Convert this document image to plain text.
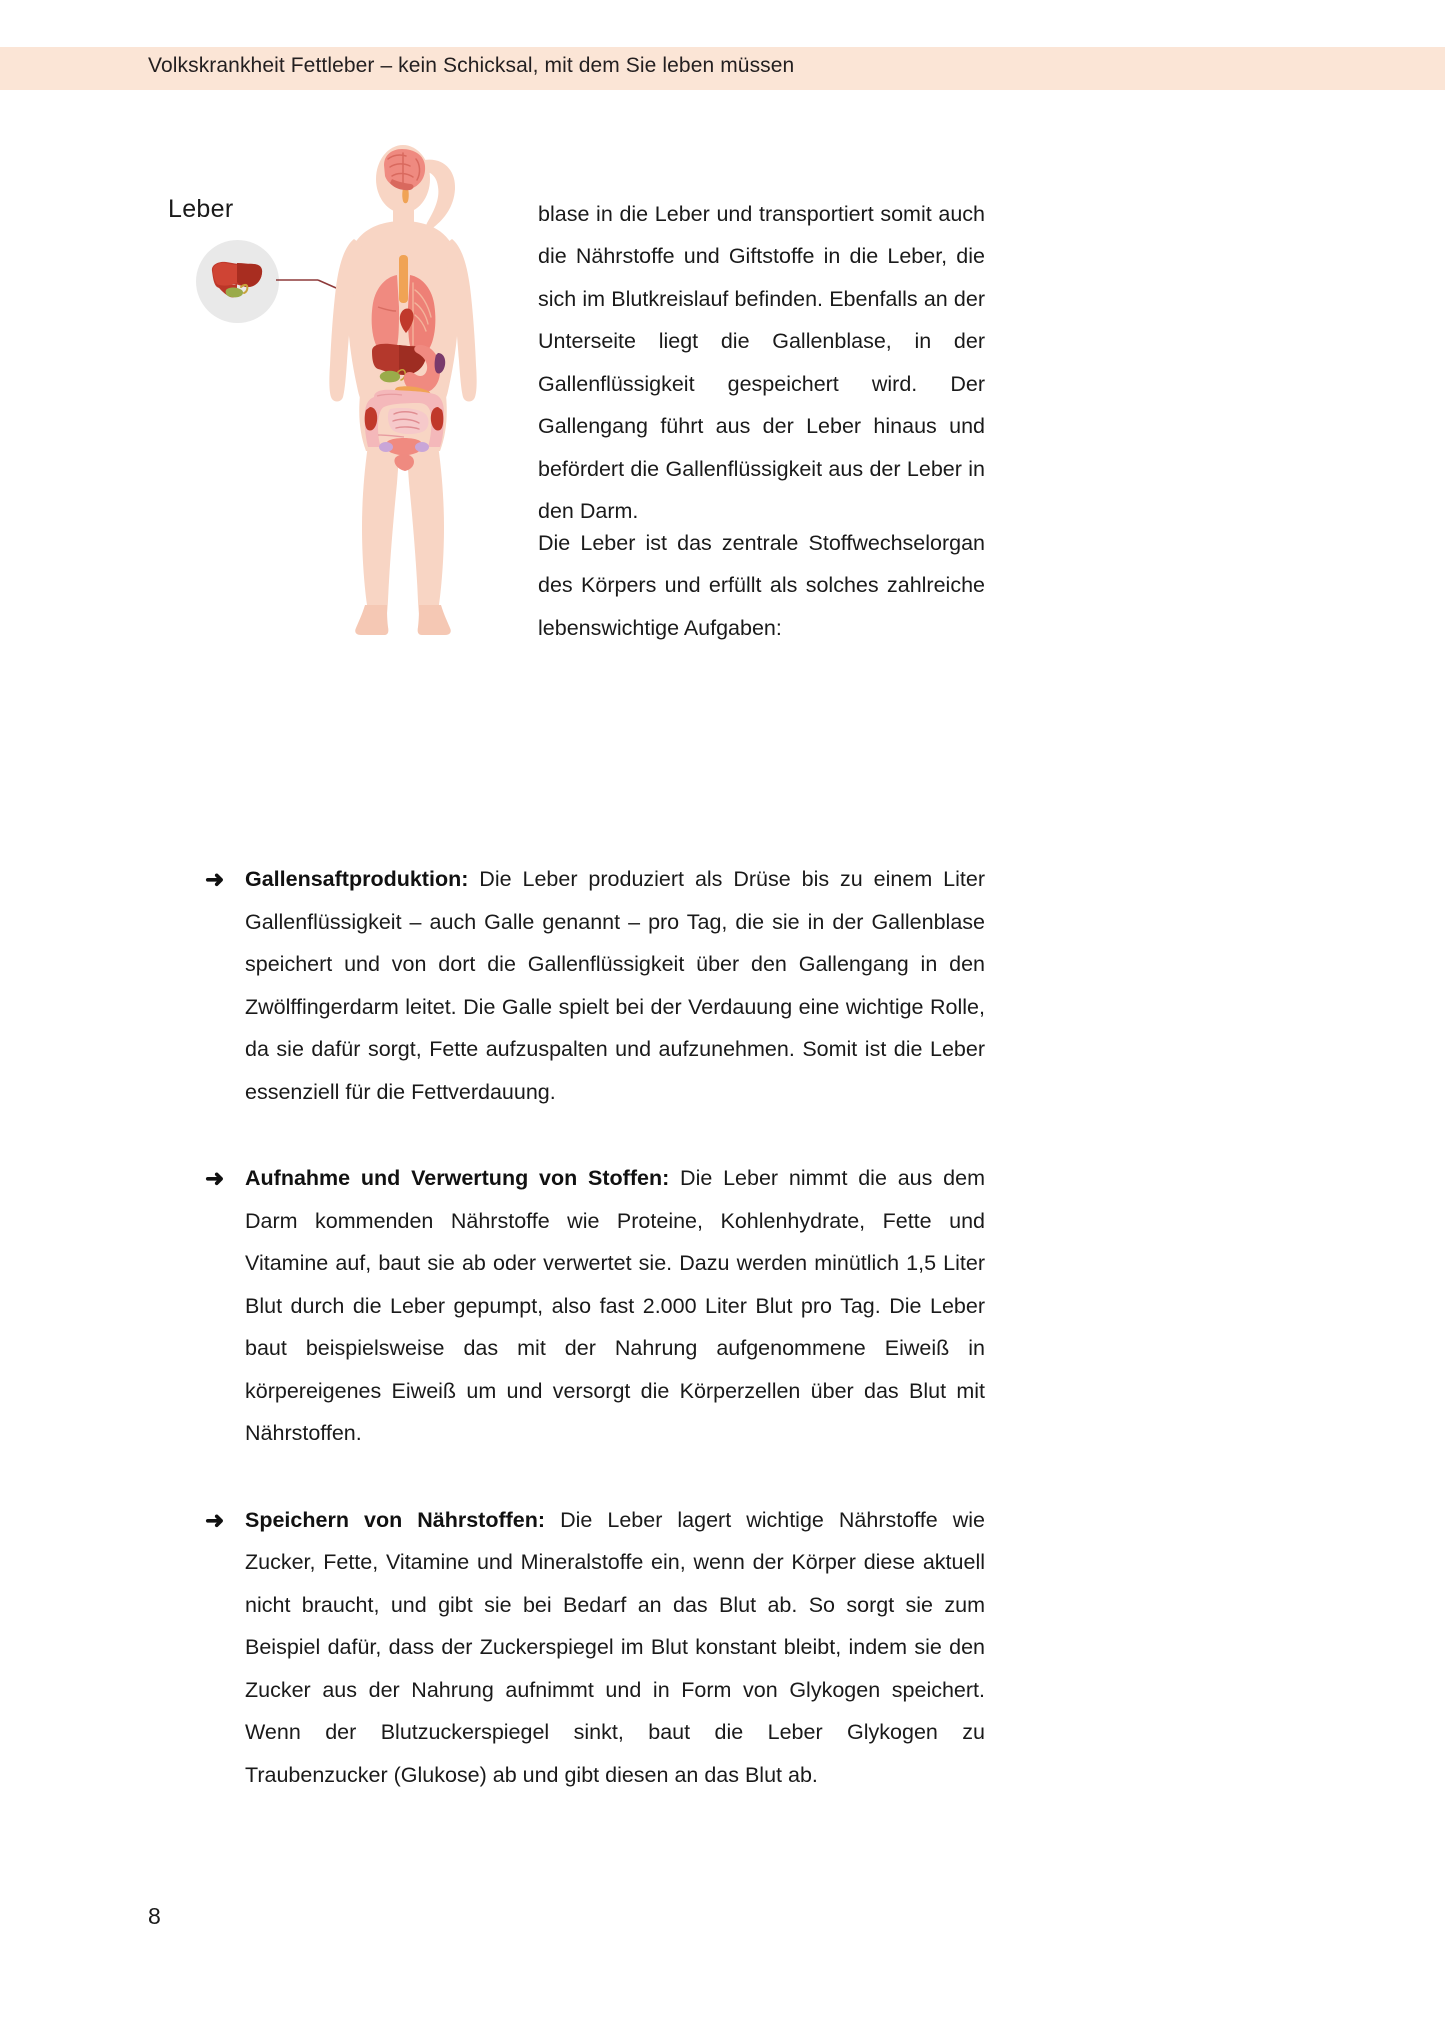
Volkskrankheit Fettleber – kein Schicksal, mit dem Sie leben müssen
Leber	blase in die Leber und transportiert somit auch die Nährstoffe und Giftstoffe in die Leber, die sich im Blutkreislauf befinden. Ebenfalls an der Unterseite liegt die Gallenblase, in der Gallenflüssigkeit gespeichert wird. Der Gallengang führt aus der Leber hinaus und befördert die Gallenflüssigkeit aus der Leber in den Darm.

Die Leber ist das zentrale Stoffwechselorgan des Körpers und erfüllt als solches zahlreiche lebenswichtige Aufgaben:

➜ Gallensaftproduktion: Die Leber produziert als Drüse bis zu einem Liter Gallenflüssigkeit – auch Galle genannt – pro Tag, die sie in der Gallenblase speichert und von dort die Gallenflüssigkeit über den Gallengang in den Zwölffingerdarm leitet. Die Galle spielt bei der Verdauung eine wichtige Rolle, da sie dafür sorgt, Fette aufzuspalten und aufzunehmen. Somit ist die Leber essenziell für die Fettverdauung.
➜ Aufnahme und Verwertung von Stoffen: Die Leber nimmt die aus dem Darm kommenden Nährstoffe wie Proteine, Kohlenhydrate, Fette und Vitamine auf, baut sie ab oder verwertet sie. Dazu werden minütlich 1,5 Liter Blut durch die Leber gepumpt, also fast 2.000 Liter Blut pro Tag. Die Leber baut beispielsweise das mit der Nahrung aufgenommene Eiweiß in körpereigenes Eiweiß um und versorgt die Körperzellen über das Blut mit Nährstoffen.
➜ Speichern von Nährstoffen: Die Leber lagert wichtige Nährstoffe wie Zucker, Fette, Vitamine und Mineralstoffe ein, wenn der Körper diese aktuell nicht braucht, und gibt sie bei Bedarf an das Blut ab. So sorgt sie zum Beispiel dafür, dass der Zuckerspiegel im Blut konstant bleibt, indem sie den Zucker aus der Nahrung aufnimmt und in Form von Glykogen speichert. Wenn der Blutzuckerspiegel sinkt, baut die Leber Glykogen zu Traubenzucker (Glukose) ab und gibt diesen an das Blut ab.
8
